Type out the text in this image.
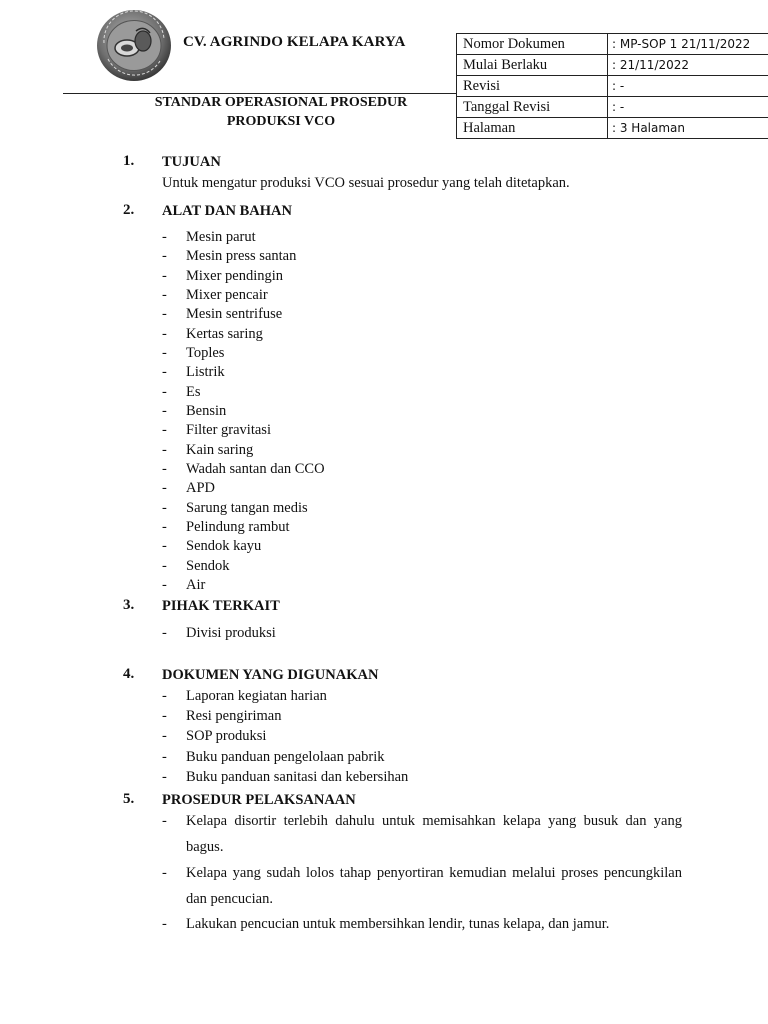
CV. AGRINDO KELAPA KARYA
STANDAR OPERASIONAL PROSEDUR
PRODUKSI VCO
Nomor Dokumen	: MP-SOP 1 21/11/2022
Mulai Berlaku	: 21/11/2022
Revisi	: -
Tanggal Revisi	: -
Halaman	: 3 Halaman
1. TUJUAN
Untuk mengatur produksi VCO sesuai prosedur yang telah ditetapkan.
2. ALAT DAN BAHAN
- Mesin parut
- Mesin press santan
- Mixer pendingin
- Mixer pencair
- Mesin sentrifuse
- Kertas saring
- Toples
- Listrik
- Es
- Bensin
- Filter gravitasi
- Kain saring
- Wadah santan dan CCO
- APD
- Sarung tangan medis
- Pelindung rambut
- Sendok kayu
- Sendok
- Air
3. PIHAK TERKAIT
- Divisi produksi
4. DOKUMEN YANG DIGUNAKAN
- Laporan kegiatan harian
- Resi pengiriman
- SOP produksi
- Buku panduan pengelolaan pabrik
- Buku panduan sanitasi dan kebersihan
5. PROSEDUR PELAKSANAAN
- Kelapa disortir terlebih dahulu untuk memisahkan kelapa yang busuk dan yang bagus.
- Kelapa yang sudah lolos tahap penyortiran kemudian melalui proses pencungkilan dan pencucian.
- Lakukan pencucian untuk membersihkan lendir, tunas kelapa, dan jamur.
